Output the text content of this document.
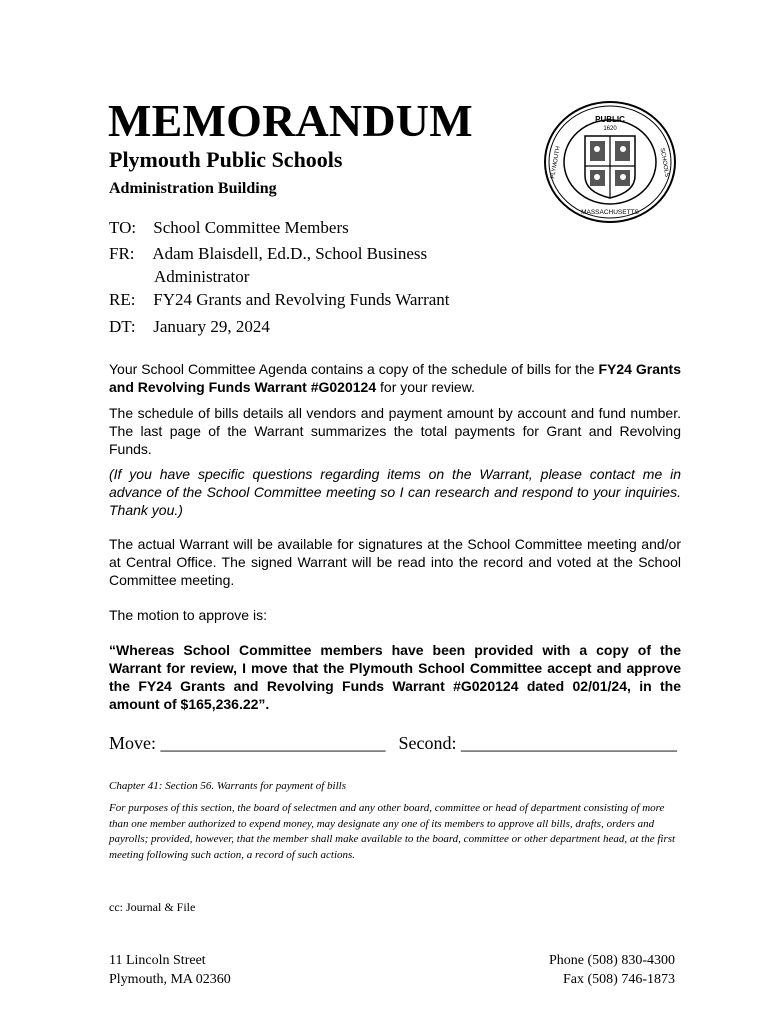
MEMORANDUM
Plymouth Public Schools
Administration Building
PUBLIC
1620
PLYMOUTH	SCHOOLS
MASSACHUSETTS
TO: School Committee Members
FR: Adam Blaisdell, Ed.D., School Business
Administrator
RE: FY24 Grants and Revolving Funds Warrant
DT: January 29, 2024

Your School Committee Agenda contains a copy of the schedule of bills for the FY24 Grants and Revolving Funds Warrant #G020124 for your review.

The schedule of bills details all vendors and payment amount by account and fund number. The last page of the Warrant summarizes the total payments for Grant and Revolving Funds.

(If you have specific questions regarding items on the Warrant, please contact me in advance of the School Committee meeting so I can research and respond to your inquiries. Thank you.)

The actual Warrant will be available for signatures at the School Committee meeting and/or at Central Office. The signed Warrant will be read into the record and voted at the School Committee meeting.

The motion to approve is:

“Whereas School Committee members have been provided with a copy of the Warrant for review, I move that the Plymouth School Committee accept and approve the FY24 Grants and Revolving Funds Warrant #G020124 dated 02/01/24, in the amount of $165,236.22”.

Move: _________________________ Second: ________________________

Chapter 41: Section 56. Warrants for payment of bills

For purposes of this section, the board of selectmen and any other board, committee or head of department consisting of more than one member authorized to expend money, may designate any one of its members to approve all bills, drafts, orders and payrolls; provided, however, that the member shall make available to the board, committee or other department head, at the first meeting following such action, a record of such actions.

cc: Journal & File
11 Lincoln Street
Plymouth, MA 02360
Phone (508) 830-4300
Fax (508) 746-1873
